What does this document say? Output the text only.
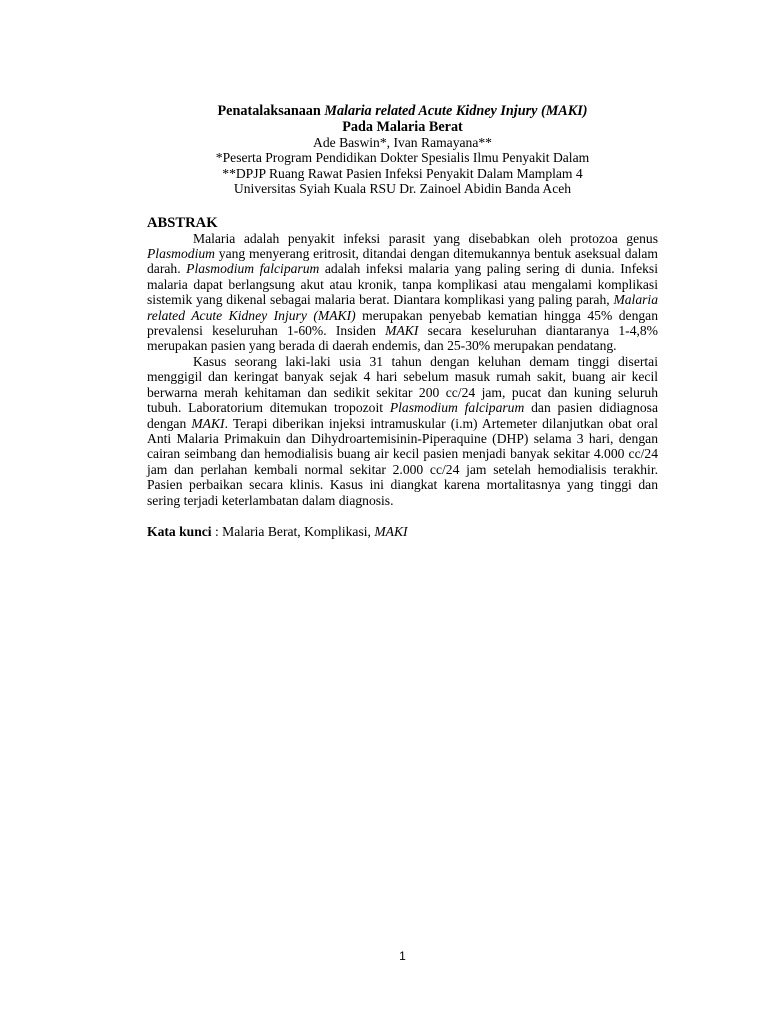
Penatalaksanaan Malaria related Acute Kidney Injury (MAKI)
Pada Malaria Berat
Ade Baswin*, Ivan Ramayana**
*Peserta Program Pendidikan Dokter Spesialis Ilmu Penyakit Dalam
**DPJP Ruang Rawat Pasien Infeksi Penyakit Dalam Mamplam 4
Universitas Syiah Kuala RSU Dr. Zainoel Abidin Banda Aceh
ABSTRAK

Malaria adalah penyakit infeksi parasit yang disebabkan oleh protozoa genus Plasmodium yang menyerang eritrosit, ditandai dengan ditemukannya bentuk aseksual dalam darah. Plasmodium falciparum adalah infeksi malaria yang paling sering di dunia. Infeksi malaria dapat berlangsung akut atau kronik, tanpa komplikasi atau mengalami komplikasi sistemik yang dikenal sebagai malaria berat. Diantara komplikasi yang paling parah, Malaria related Acute Kidney Injury (MAKI) merupakan penyebab kematian hingga 45% dengan prevalensi keseluruhan 1-60%. Insiden MAKI secara keseluruhan diantaranya 1-4,8% merupakan pasien yang berada di daerah endemis, dan 25-30% merupakan pendatang.

Kasus seorang laki-laki usia 31 tahun dengan keluhan demam tinggi disertai menggigil dan keringat banyak sejak 4 hari sebelum masuk rumah sakit, buang air kecil berwarna merah kehitaman dan sedikit sekitar 200 cc/24 jam, pucat dan kuning seluruh tubuh. Laboratorium ditemukan tropozoit Plasmodium falciparum dan pasien didiagnosa dengan MAKI. Terapi diberikan injeksi intramuskular (i.m) Artemeter dilanjutkan obat oral Anti Malaria Primakuin dan Dihydroartemisinin-Piperaquine (DHP) selama 3 hari, dengan cairan seimbang dan hemodialisis buang air kecil pasien menjadi banyak sekitar 4.000 cc/24 jam dan perlahan kembali normal sekitar 2.000 cc/24 jam setelah hemodialisis terakhir. Pasien perbaikan secara klinis. Kasus ini diangkat karena mortalitasnya yang tinggi dan sering terjadi keterlambatan dalam diagnosis.

Kata kunci : Malaria Berat, Komplikasi, MAKI
1
